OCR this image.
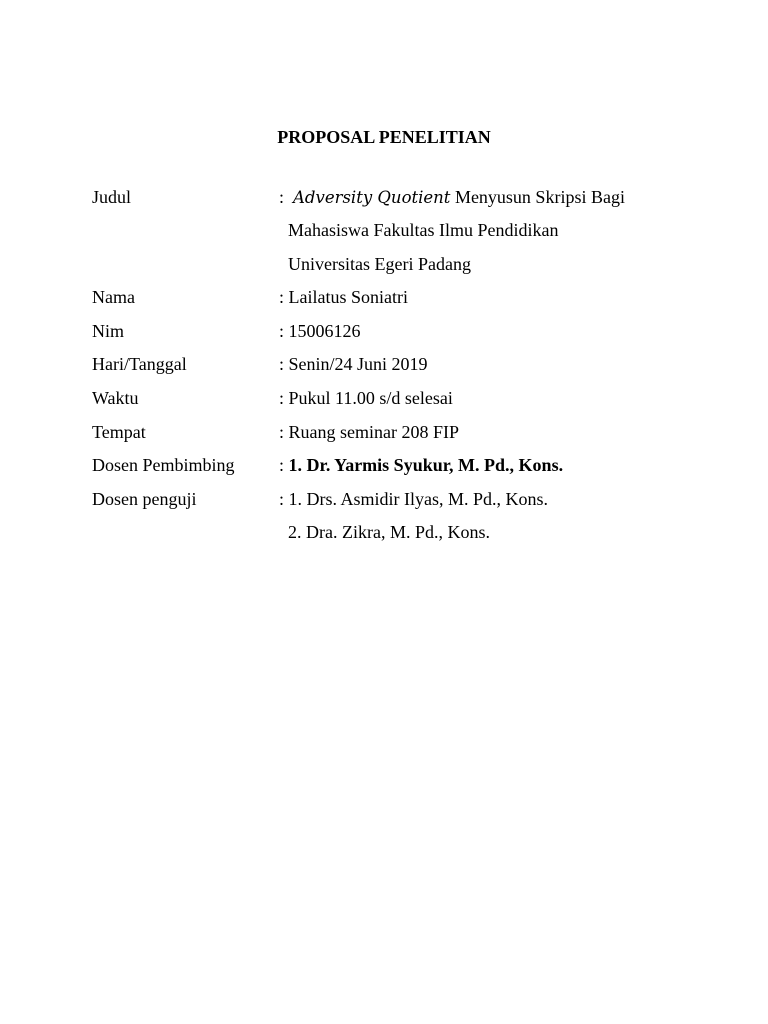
PROPOSAL PENELITIAN
Judul	: Adversity Quotient Menyusun Skripsi Bagi
Mahasiswa Fakultas Ilmu Pendidikan
Universitas Egeri Padang
Nama	: Lailatus Soniatri
Nim	: 15006126
Hari/Tanggal	: Senin/24 Juni 2019
Waktu	: Pukul 11.00 s/d selesai
Tempat	: Ruang seminar 208 FIP
Dosen Pembimbing : 1. Dr. Yarmis Syukur, M. Pd., Kons.
Dosen penguji	: 1. Drs. Asmidir Ilyas, M. Pd., Kons.
2. Dra. Zikra, M. Pd., Kons.
